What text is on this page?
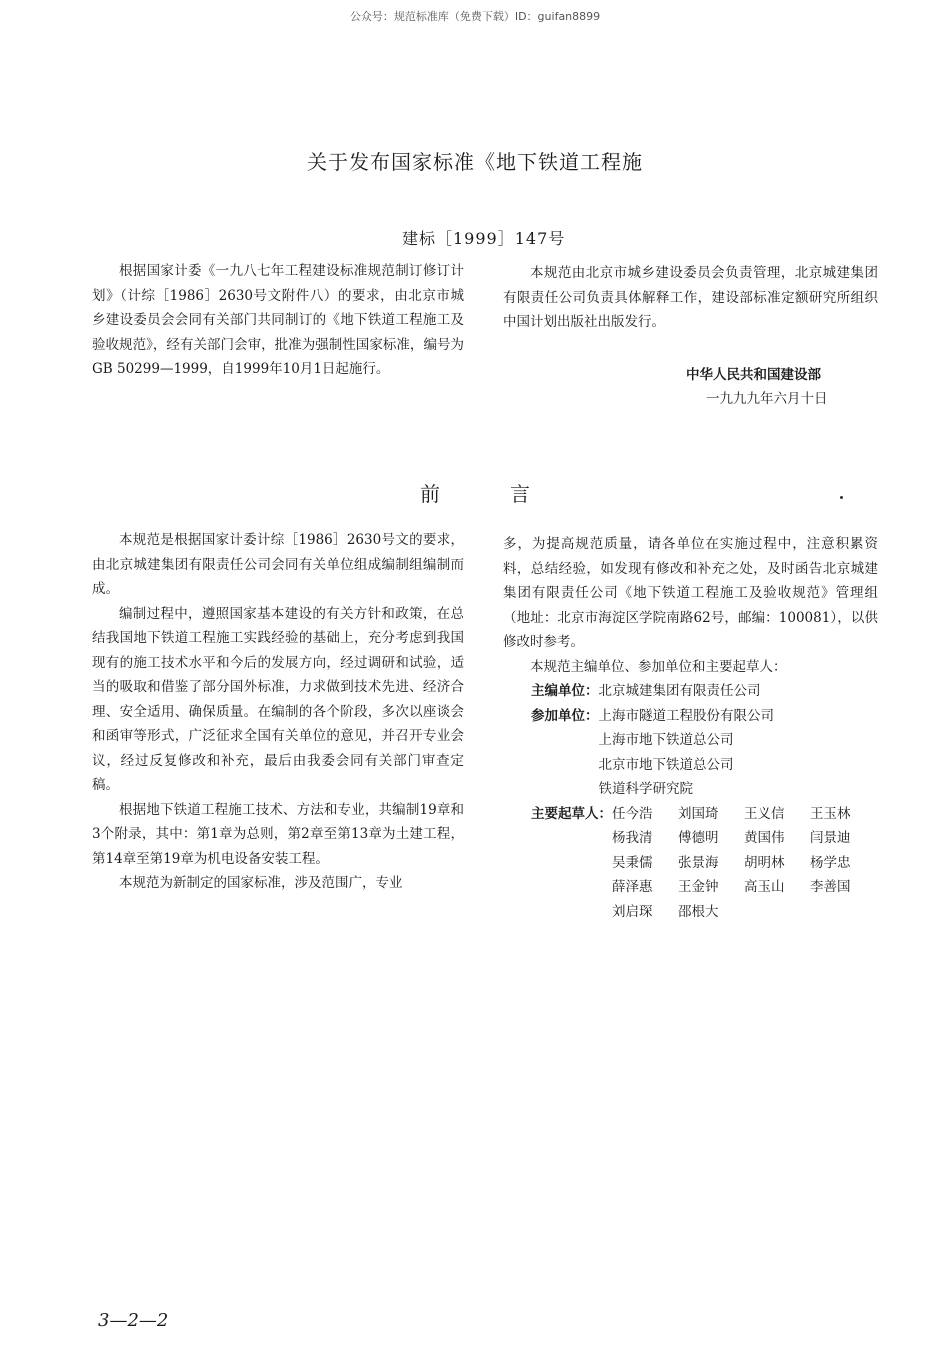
公众号：规范标准库（免费下载）ID：guifan8899
关于发布国家标准《地下铁道工程施
建标［1999］147号

根据国家计委《一九八七年工程建设标准规范制订修订计划》（计综［1986］2630号文附件八）的要求，由北京市城乡建设委员会会同有关部门共同制订的《地下铁道工程施工及验收规范》，经有关部门会审，批准为强制性国家标准，编号为GB 50299—1999，自1999年10月1日起施行。

本规范由北京市城乡建设委员会负责管理，北京城建集团有限责任公司负责具体解释工作，建设部标准定额研究所组织中国计划出版社出版发行。

中华人民共和国建设部
一九九九年六月十日
前	言

本规范是根据国家计委计综［1986］2630号文的要求，由北京城建集团有限责任公司会同有关单位组成编制组编制而成。

编制过程中，遵照国家基本建设的有关方针和政策，在总结我国地下铁道工程施工实践经验的基础上，充分考虑到我国现有的施工技术水平和今后的发展方向，经过调研和试验，适当的吸取和借鉴了部分国外标准，力求做到技术先进、经济合理、安全适用、确保质量。在编制的各个阶段，多次以座谈会和函审等形式，广泛征求全国有关单位的意见，并召开专业会议，经过反复修改和补充，最后由我委会同有关部门审查定稿。

根据地下铁道工程施工技术、方法和专业，共编制19章和3个附录，其中：第1章为总则，第2章至第13章为土建工程，第14章至第19章为机电设备安装工程。

本规范为新制定的国家标准，涉及范围广，专业

多，为提高规范质量，请各单位在实施过程中，注意积累资料，总结经验，如发现有修改和补充之处，及时函告北京城建集团有限责任公司《地下铁道工程施工及验收规范》管理组（地址：北京市海淀区学院南路62号，邮编：100081），以供修改时参考。

本规范主编单位、参加单位和主要起草人：

主编单位： 北京城建集团有限责任公司
参加单位： 上海市隧道工程股份有限公司
上海市地下铁道总公司
北京市地下铁道总公司
铁道科学研究院
主要起草人： 任今浩	刘国琦	王义信	王玉林
杨我清	傅德明	黄国伟	闫景迪
吴秉儒	张景海	胡明林	杨学忠
薛泽惠	王金钟	高玉山	李善国
刘启琛	邵根大
3—2—2
